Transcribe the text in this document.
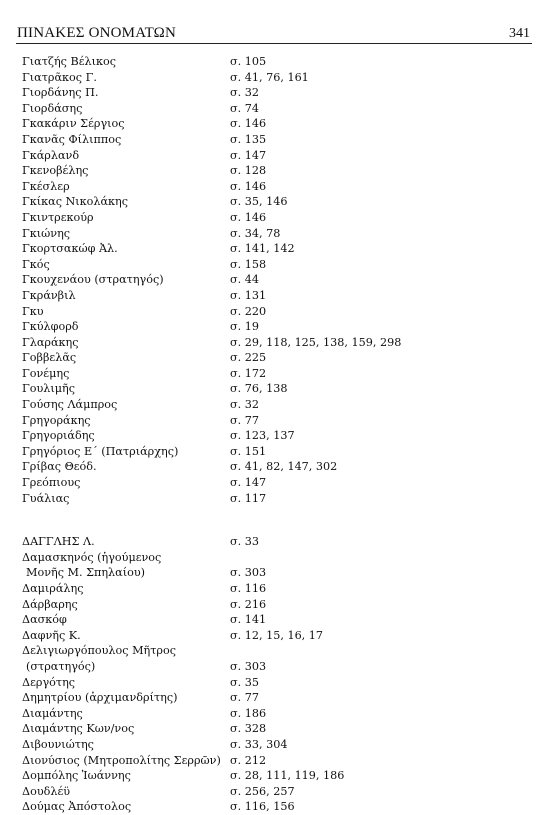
ΠΙΝΑΚΕΣ ΟΝΟΜΑΤΩΝ	341
Γιατζής Βέλικος	σ. 105
Γιατρᾶκος Γ.	σ. 41, 76, 161
Γιορδάνης Π.	σ. 32
Γιορδάσης	σ. 74
Γκακάριν Σέργιος	σ. 146
Γκανᾶς Φίλιππος	σ. 135
Γκάρλανδ	σ. 147
Γκενοβέλης	σ. 128
Γκέσλερ	σ. 146
Γκίκας Νικολάκης	σ. 35, 146
Γκιντρεκούρ	σ. 146
Γκιώνης	σ. 34, 78
Γκορτσακώφ Ἀλ.	σ. 141, 142
Γκός	σ. 158
Γκουχενάου (στρατηγός)	σ. 44
Γκράνβιλ	σ. 131
Γκυ	σ. 220
Γκύλφορδ	σ. 19
Γλαράκης	σ. 29, 118, 125, 138, 159, 298
Γοββελᾶς	σ. 225
Γονέμης	σ. 172
Γουλιμῆς	σ. 76, 138
Γούσης Λάμπρος	σ. 32
Γρηγοράκης	σ. 77
Γρηγοριάδης	σ. 123, 137
Γρηγόριος Ε΄ (Πατριάρχης)	σ. 151
Γρίβας Θεόδ.	σ. 41, 82, 147, 302
Γρεόπιους	σ. 147
Γυάλιας	σ. 117
ΔΑΓΓΛΗΣ Λ.	σ. 33
Δαμασκηνός (ἡγούμενος
Μονῆς Μ. Σπηλαίου)	σ. 303
Δαμιράλης	σ. 116
Δάρβαρης	σ. 216
Δασκόφ	σ. 141
Δαφνῆς Κ.	σ. 12, 15, 16, 17
Δελιγιωργόπουλος Μῆτρος
(στρατηγός)	σ. 303
Δεργότης	σ. 35
Δημητρίου (ἀρχιμανδρίτης)	σ. 77
Διαμάντης	σ. 186
Διαμάντης Κων/νος	σ. 328
Διβουνιώτης	σ. 33, 304
Διονύσιος (Μητροπολίτης Σερρῶν) σ. 212
Δομπόλης Ἰωάννης	σ. 28, 111, 119, 186
Δουδλέϋ	σ. 256, 257
Δούμας Ἀπόστολος	σ. 116, 156
